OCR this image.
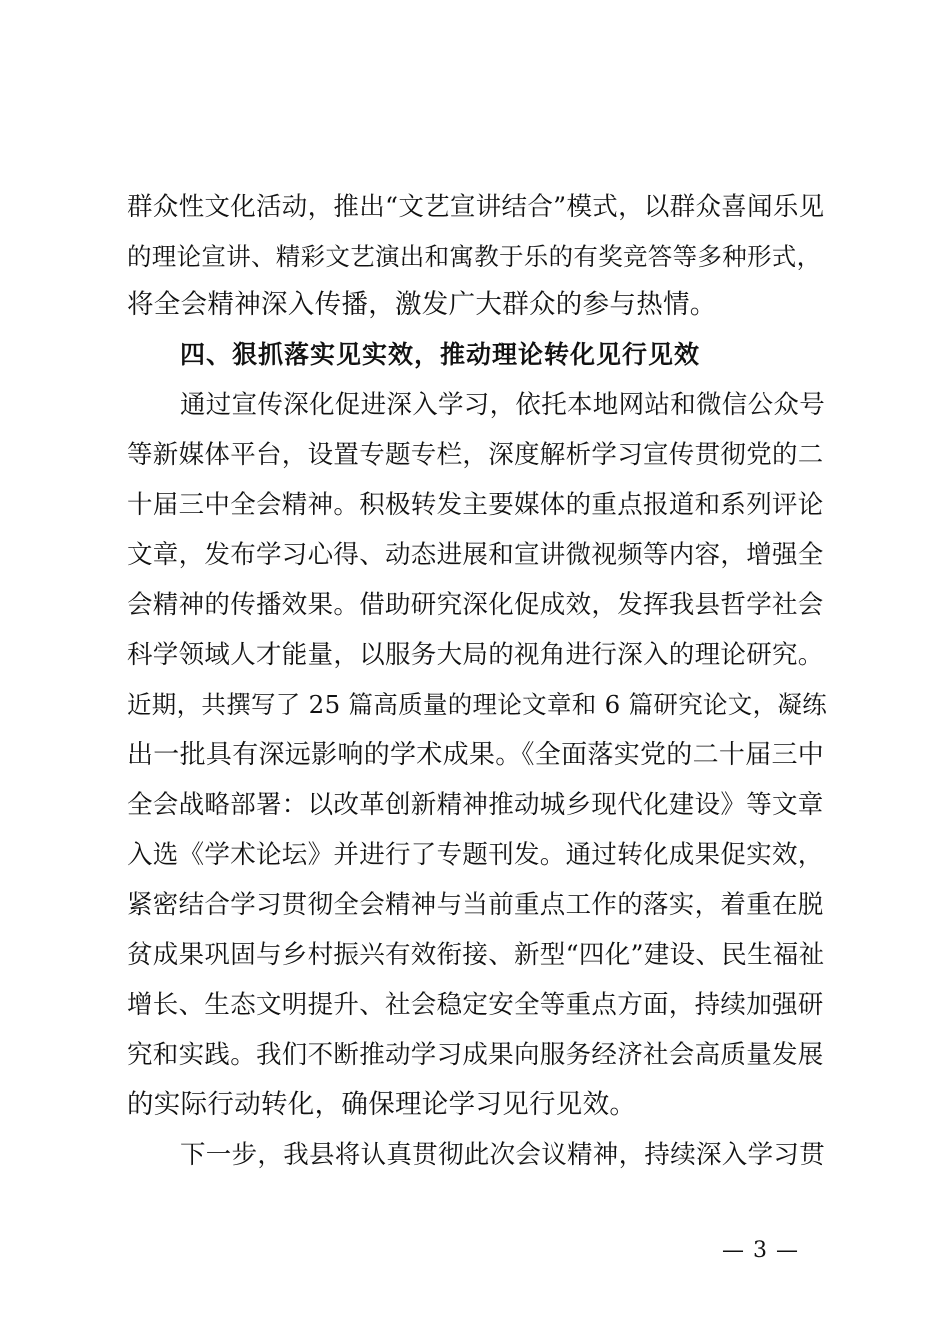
群众性文化活动，推出“文艺宣讲结合”模式，以群众喜闻乐见
的理论宣讲、精彩文艺演出和寓教于乐的有奖竞答等多种形式，
将全会精神深入传播，激发广大群众的参与热情。
四、狠抓落实见实效，推动理论转化见行见效
通过宣传深化促进深入学习，依托本地网站和微信公众号
等新媒体平台，设置专题专栏，深度解析学习宣传贯彻党的二
十届三中全会精神。积极转发主要媒体的重点报道和系列评论
文章，发布学习心得、动态进展和宣讲微视频等内容，增强全
会精神的传播效果。借助研究深化促成效，发挥我县哲学社会
科学领域人才能量，以服务大局的视角进行深入的理论研究。
近期，共撰写了 25 篇高质量的理论文章和 6 篇研究论文，凝练
出一批具有深远影响的学术成果。《全面落实党的二十届三中
全会战略部署：以改革创新精神推动城乡现代化建设》等文章
入选《学术论坛》并进行了专题刊发。通过转化成果促实效，
紧密结合学习贯彻全会精神与当前重点工作的落实，着重在脱
贫成果巩固与乡村振兴有效衔接、新型“四化”建设、民生福祉
增长、生态文明提升、社会稳定安全等重点方面，持续加强研
究和实践。我们不断推动学习成果向服务经济社会高质量发展
的实际行动转化，确保理论学习见行见效。
下一步，我县将认真贯彻此次会议精神，持续深入学习贯
— 3 —
